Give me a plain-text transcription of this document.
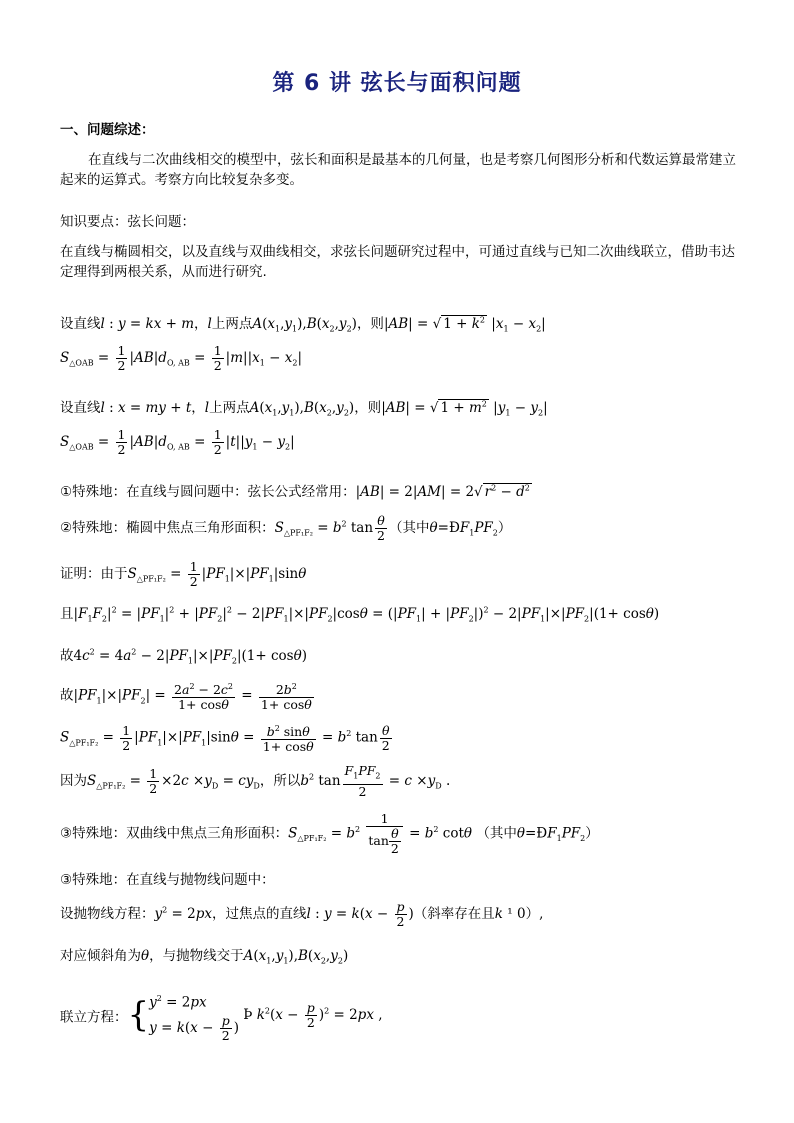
第 6 讲 弦长与面积问题
一、问题综述：
在直线与二次曲线相交的模型中，弦长和面积是最基本的几何量，也是考察几何图形分析和代数运算最常建立起来的运算式。考察方向比较复杂多变。
知识要点：弦长问题：
在直线与椭圆相交，以及直线与双曲线相交，求弦长问题研究过程中，可通过直线与已知二次曲线联立，借助韦达定理得到两根关系，从而进行研究.
设直线l : y = kx + m，l上两点$A(x_1,y_1),B(x_2,y_2)$，则|AB| = √ $1 + k^2$ $|x_1 - x_2|$
$S_{\triangle OAB} = \frac{1}{2} |AB|d_{O, AB} = \frac{1}{2} |m||x_1 - x_2|$
设直线l : x = my + t，l上两点$A(x_1,y_1),B(x_2,y_2)$，则|AB| = √ $1 + m^2$ $|y_1 - y_2|$
$S_{\triangle OAB} = \frac{1}{2} |AB|d_{O, AB} = \frac{1}{2} |t||y_1 - y_2|$
①特殊地：在直线与圆问题中：弦长公式经常用：|AB| = 2|AM| = 2√ $r^2 - d^2$
②特殊地：椭圆中焦点三角形面积：$S_{\triangle PF_1F_2} = b^2$ $\tan \frac{\theta}{2}$ （其中$\theta=ÐF_1PF_2$）
证明：由于$S_{\triangle PF_1F_2} = \frac{1}{2} |PF_1|\times|PF_1|\sin\theta$
且$|F_1F_2|^2 = |PF_1|^2 + |PF_2|^2 - 2|PF_1|\times|PF_2|\cos\theta = (|PF_1| + |PF_2|)^2 - 2|PF_1|\times|PF_2|(1+ \cos\theta)$
故$4c^2 = 4a^2 - 2|PF_1|\times|PF_2|(1+ \cos\theta)$
故$|PF_1|\times|PF_2| = \frac{2a^2 - 2c^2}{1+ \cos\theta} = \frac{2b^2}{1+ \cos\theta}$
$S_{\triangle PF_1F_2} = \frac{1}{2} |PF_1|\times|PF_1|\sin\theta = \frac{b^2 \sin\theta}{1+ \cos\theta} = b^2$ $\tan \frac{\theta}{2}$
因为$S_{\triangle PF_1F_2} = \frac{1}{2} \times 2c \times y_D = cy_D$，所以$b^2$ $\tan \frac{F_1PF_2}{2} = c \times y_D$ .
③特殊地：双曲线中焦点三角形面积：$S_{\triangle PF_1F_2} = b^2 \frac{1}{\tan \frac{\theta}{2}} = b^2$ cotθ （其中$\theta=ÐF_1PF_2$）
③特殊地：在直线与抛物线问题中：
设抛物线方程：$y^2 = 2px$，过焦点的直线l : $y = k(x - \frac{p}{2}$ )（斜率存在且k ¹ 0）,
对应倾斜角为θ，与抛物线交于$A(x_1,y_1),B(x_2,y_2)$
联立方程：{ $y^2 = 2px$
$y = k(x - \frac{p}{2}$ )
Þ $k^2(x - \frac{p}{2} )^2 = 2px$ ,
